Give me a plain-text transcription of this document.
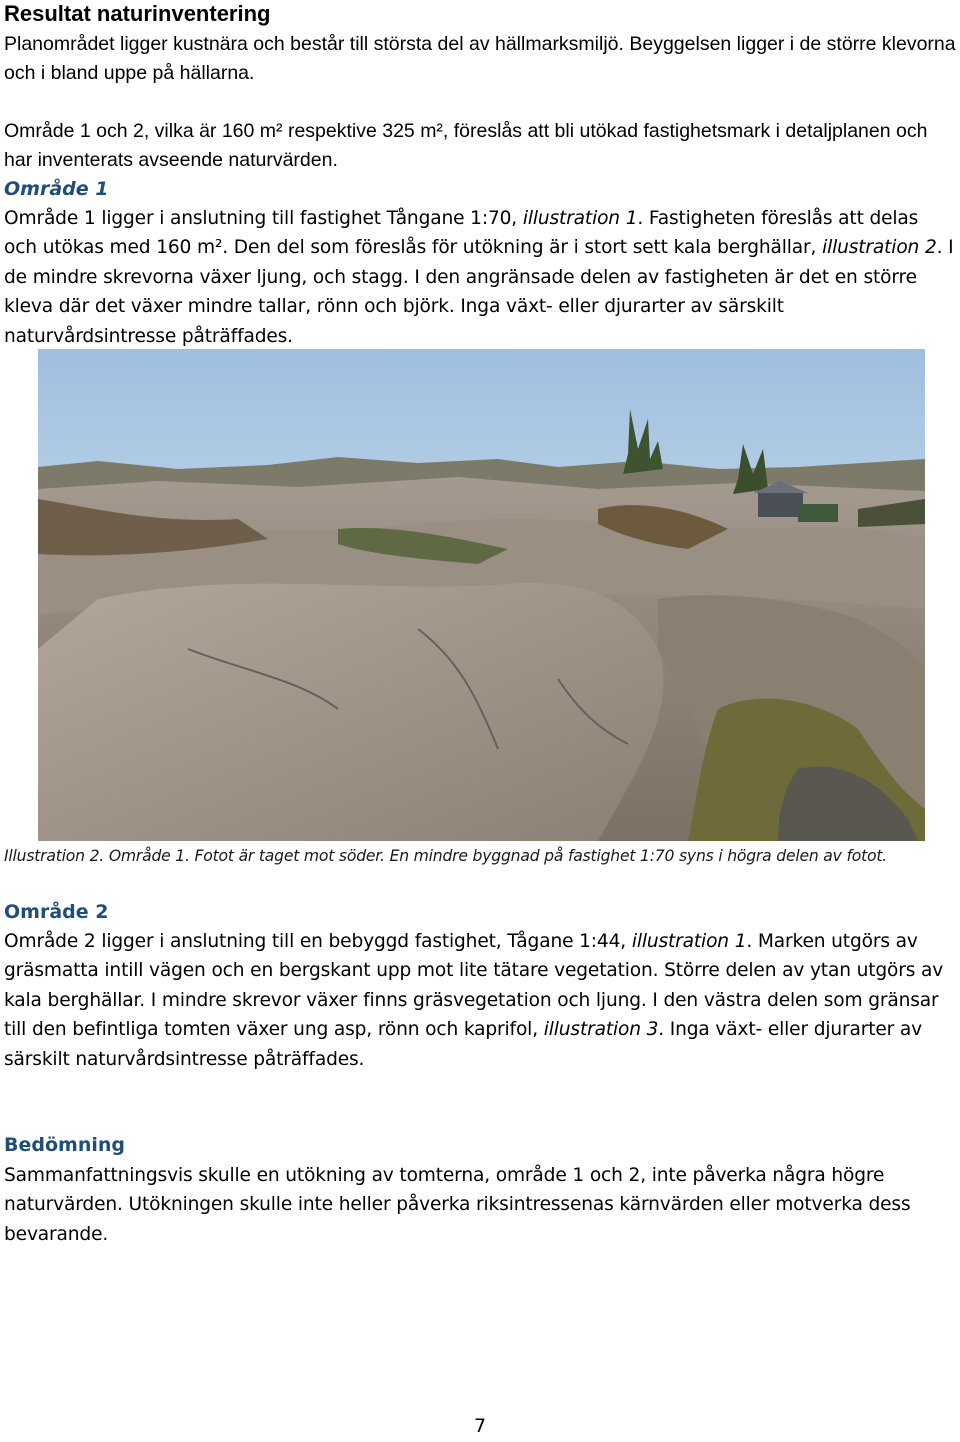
Resultat naturinventering

Planområdet ligger kustnära och består till största del av hällmarksmiljö. Beyggelsen ligger i de större klevorna och i bland uppe på hällarna.

Område 1 och 2, vilka är 160 m² respektive 325 m², föreslås att bli utökad fastighetsmark i detaljplanen och har inventerats avseende naturvärden.

Område 1

Område 1 ligger i anslutning till fastighet Tångane 1:70, illustration 1. Fastigheten föreslås att delas och utökas med 160 m². Den del som föreslås för utökning är i stort sett kala berghällar, illustration 2. I de mindre skrevorna växer ljung, och stagg. I den angränsade delen av fastigheten är det en större kleva där det växer mindre tallar, rönn och björk. Inga växt- eller djurarter av särskilt naturvårdsintresse påträffades.

Illustration 2. Område 1. Fotot är taget mot söder. En mindre byggnad på fastighet 1:70 syns i högra delen av fotot.
Område 2

Område 2 ligger i anslutning till en bebyggd fastighet, Tågane 1:44, illustration 1. Marken utgörs av gräsmatta intill vägen och en bergskant upp mot lite tätare vegetation. Större delen av ytan utgörs av kala berghällar. I mindre skrevor växer finns gräsvegetation och ljung. I den västra delen som gränsar till den befintliga tomten växer ung asp, rönn och kaprifol, illustration 3. Inga växt- eller djurarter av särskilt naturvårdsintresse påträffades.

Bedömning

Sammanfattningsvis skulle en utökning av tomterna, område 1 och 2, inte påverka några högre naturvärden. Utökningen skulle inte heller påverka riksintressenas kärnvärden eller motverka dess bevarande.

7
